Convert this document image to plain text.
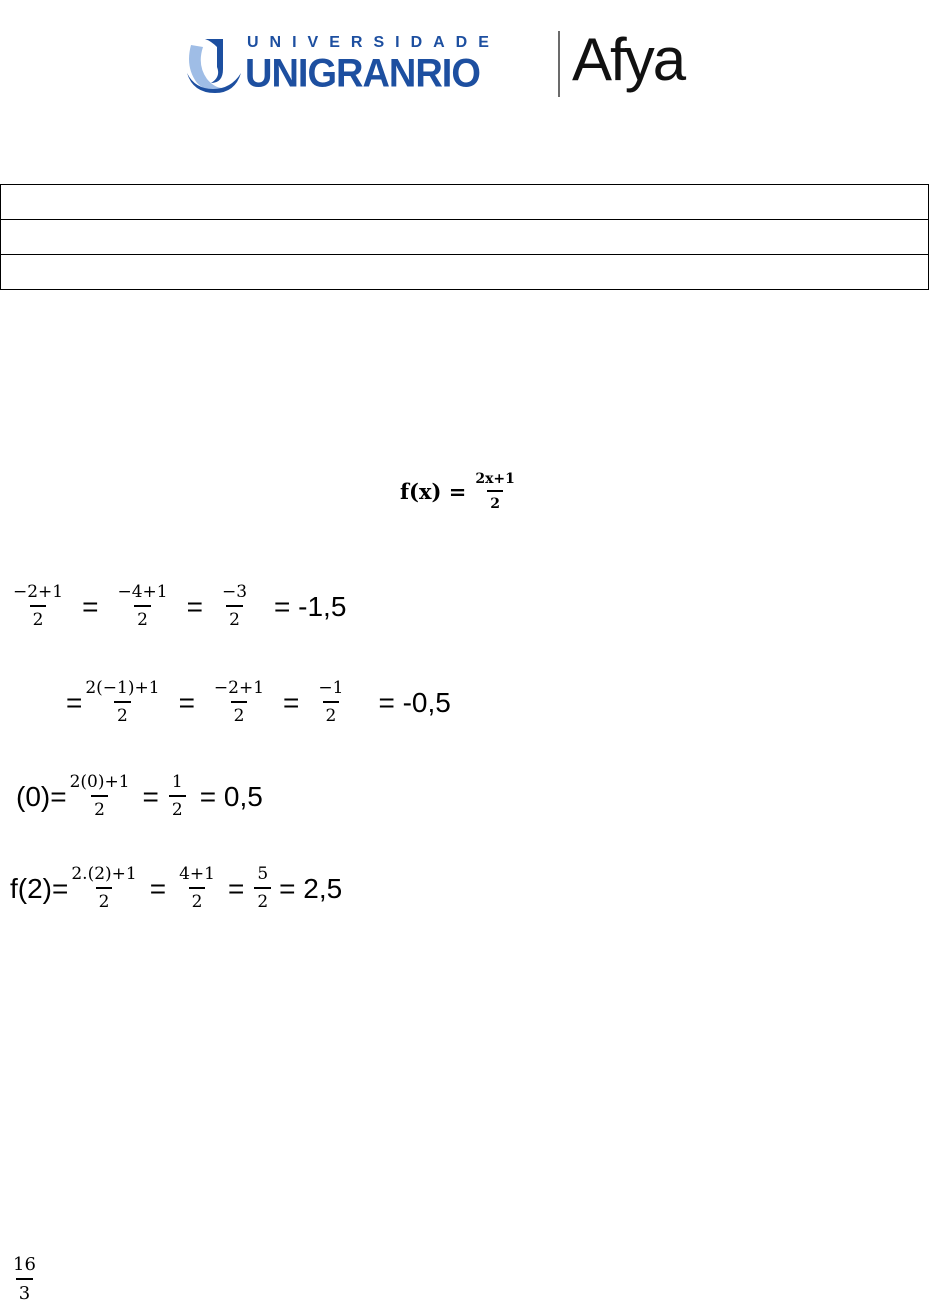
UNIVERSIDADE
UNIGRANRIO Afya

$f(x) = \frac{2x+1}{2}$
$\frac{-2+1}{2} = \frac{-4+1}{2} = \frac{-3}{2} = -1,5$
= $\frac{2(-1)+1}{2} = \frac{-2+1}{2} = \frac{-1}{2} = -0,5$
$(0)= \frac{2(0)+1}{2} = \frac{1}{2} = 0,5$
$f(2)= \frac{2.(2)+1}{2} = \frac{4+1}{2} = \frac{5}{2} = 2,5$
$\frac{16}{3}$
